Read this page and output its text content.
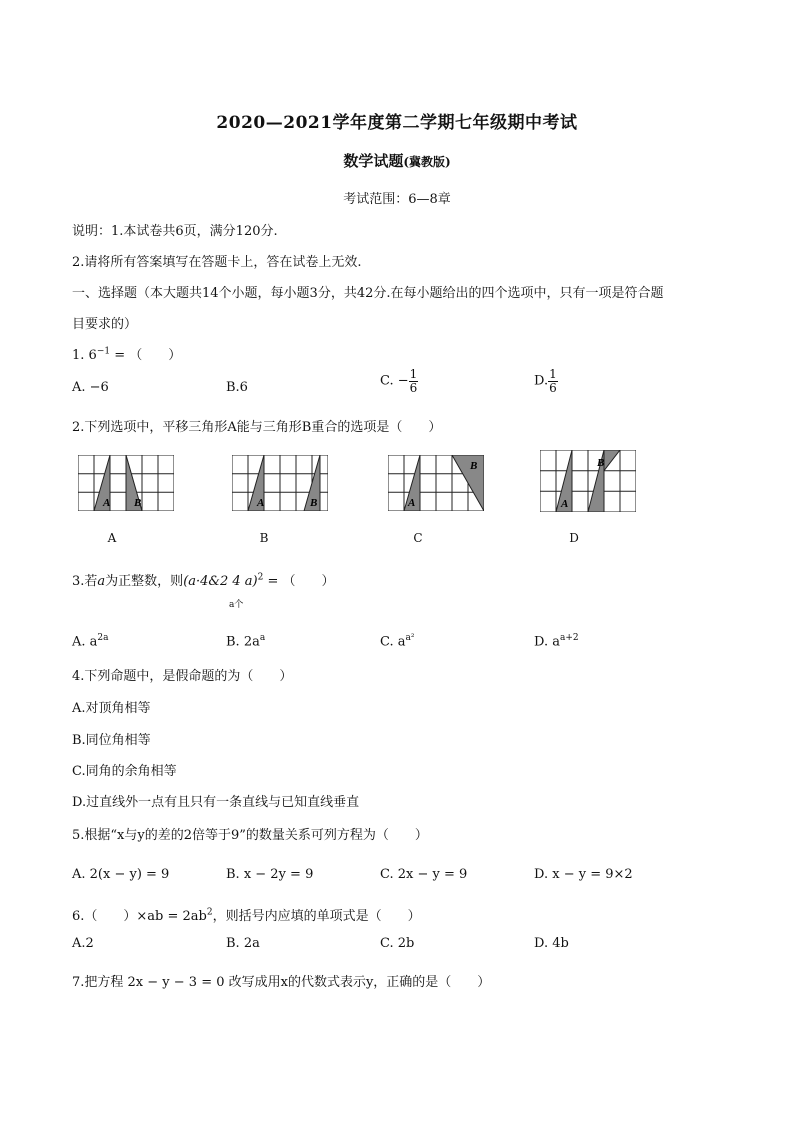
2020—2021学年度第二学期七年级期中考试
数学试题(冀教版)
考试范围：6—8章
说明：1.本试卷共6页，满分120分.
2.请将所有答案填写在答题卡上，答在试卷上无效.
一、选择题（本大题共14个小题，每小题3分，共42分.在每小题给出的四个选项中，只有一项是符合题
目要求的）
1. $6^{-1}$ = （　　）
A. −6	B.6	C. − $\frac{1}{6}$	D. $\frac{1}{6}$
2.下列选项中，平移三角形A能与三角形B重合的选项是（　　）
A B
A
A	B
B
A
B
C
A
B
D
3.若a为正整数，则(a·4&2 4 a)$^2$ = （　　）
a个
A. $a^{2a}$	B. $2a^a$	C. $a^{a^2}$	D. $a^{a+2}$
4.下列命题中，是假命题的为（　　）
A.对顶角相等
B.同位角相等
C.同角的余角相等
D.过直线外一点有且只有一条直线与已知直线垂直
5.根据“x与y的差的2倍等于9”的数量关系可列方程为（　　）
A. 2(x − y) = 9	B. x − 2y = 9	C. 2x − y = 9	D. x − y = 9×2
6.（　　）$\times ab = 2ab^2$，则括号内应填的单项式是（　　）
A.2	B. 2a	C. 2b	D. 4b
7.把方程 2x − y − 3 = 0 改写成用x的代数式表示y，正确的是（　　）
